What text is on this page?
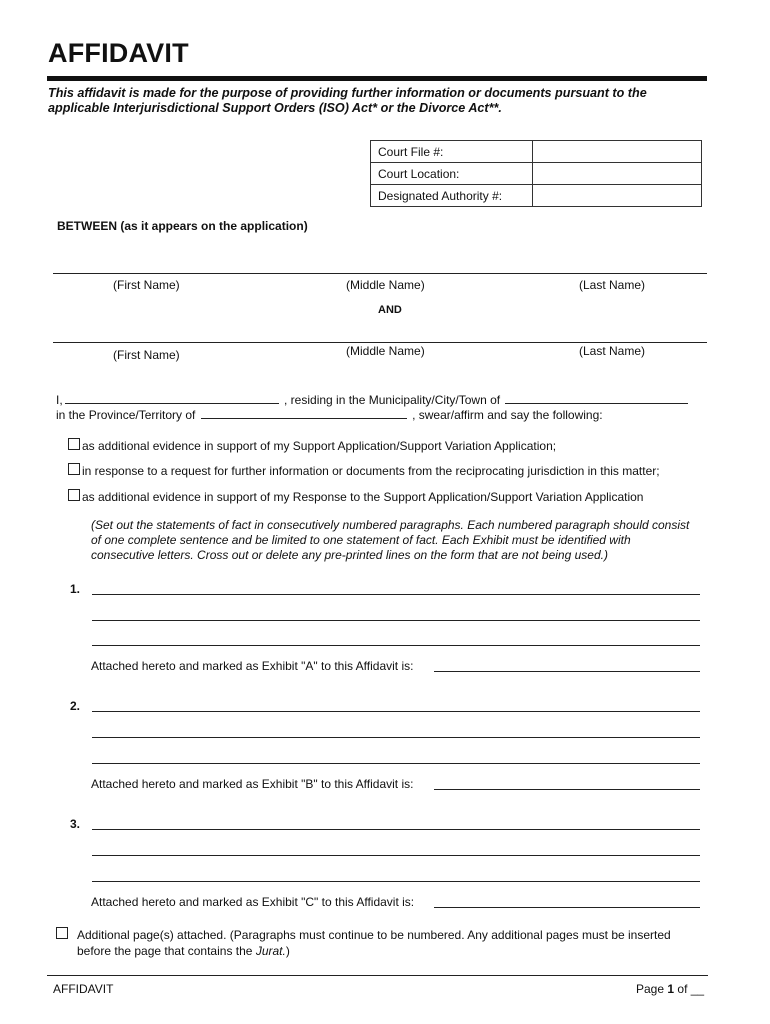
AFFIDAVIT
This affidavit is made for the purpose of providing further information or documents pursuant to the applicable Interjurisdictional Support Orders (ISO) Act* or the Divorce Act**.
Court File #:	
Court Location:	
Designated Authority #:	
BETWEEN (as it appears on the application)
(First Name)	(Middle Name)	(Last Name)
AND
(First Name)	(Middle Name)	(Last Name)
I,	, residing in the Municipality/City/Town of
in the Province/Territory of	, swear/affirm and say the following:
as additional evidence in support of my Support Application/Support Variation Application;
in response to a request for further information or documents from the reciprocating jurisdiction in this matter;
as additional evidence in support of my Response to the Support Application/Support Variation Application
(Set out the statements of fact in consecutively numbered paragraphs. Each numbered paragraph should consist of one complete sentence and be limited to one statement of fact. Each Exhibit must be identified with consecutive letters. Cross out or delete any pre-printed lines on the form that are not being used.)
1.
Attached hereto and marked as Exhibit "A" to this Affidavit is:
2.
Attached hereto and marked as Exhibit "B" to this Affidavit is:
3.
Attached hereto and marked as Exhibit "C" to this Affidavit is:
Additional page(s) attached. (Paragraphs must continue to be numbered. Any additional pages must be inserted before the page that contains the Jurat.)
AFFIDAVIT	Page 1 of __
